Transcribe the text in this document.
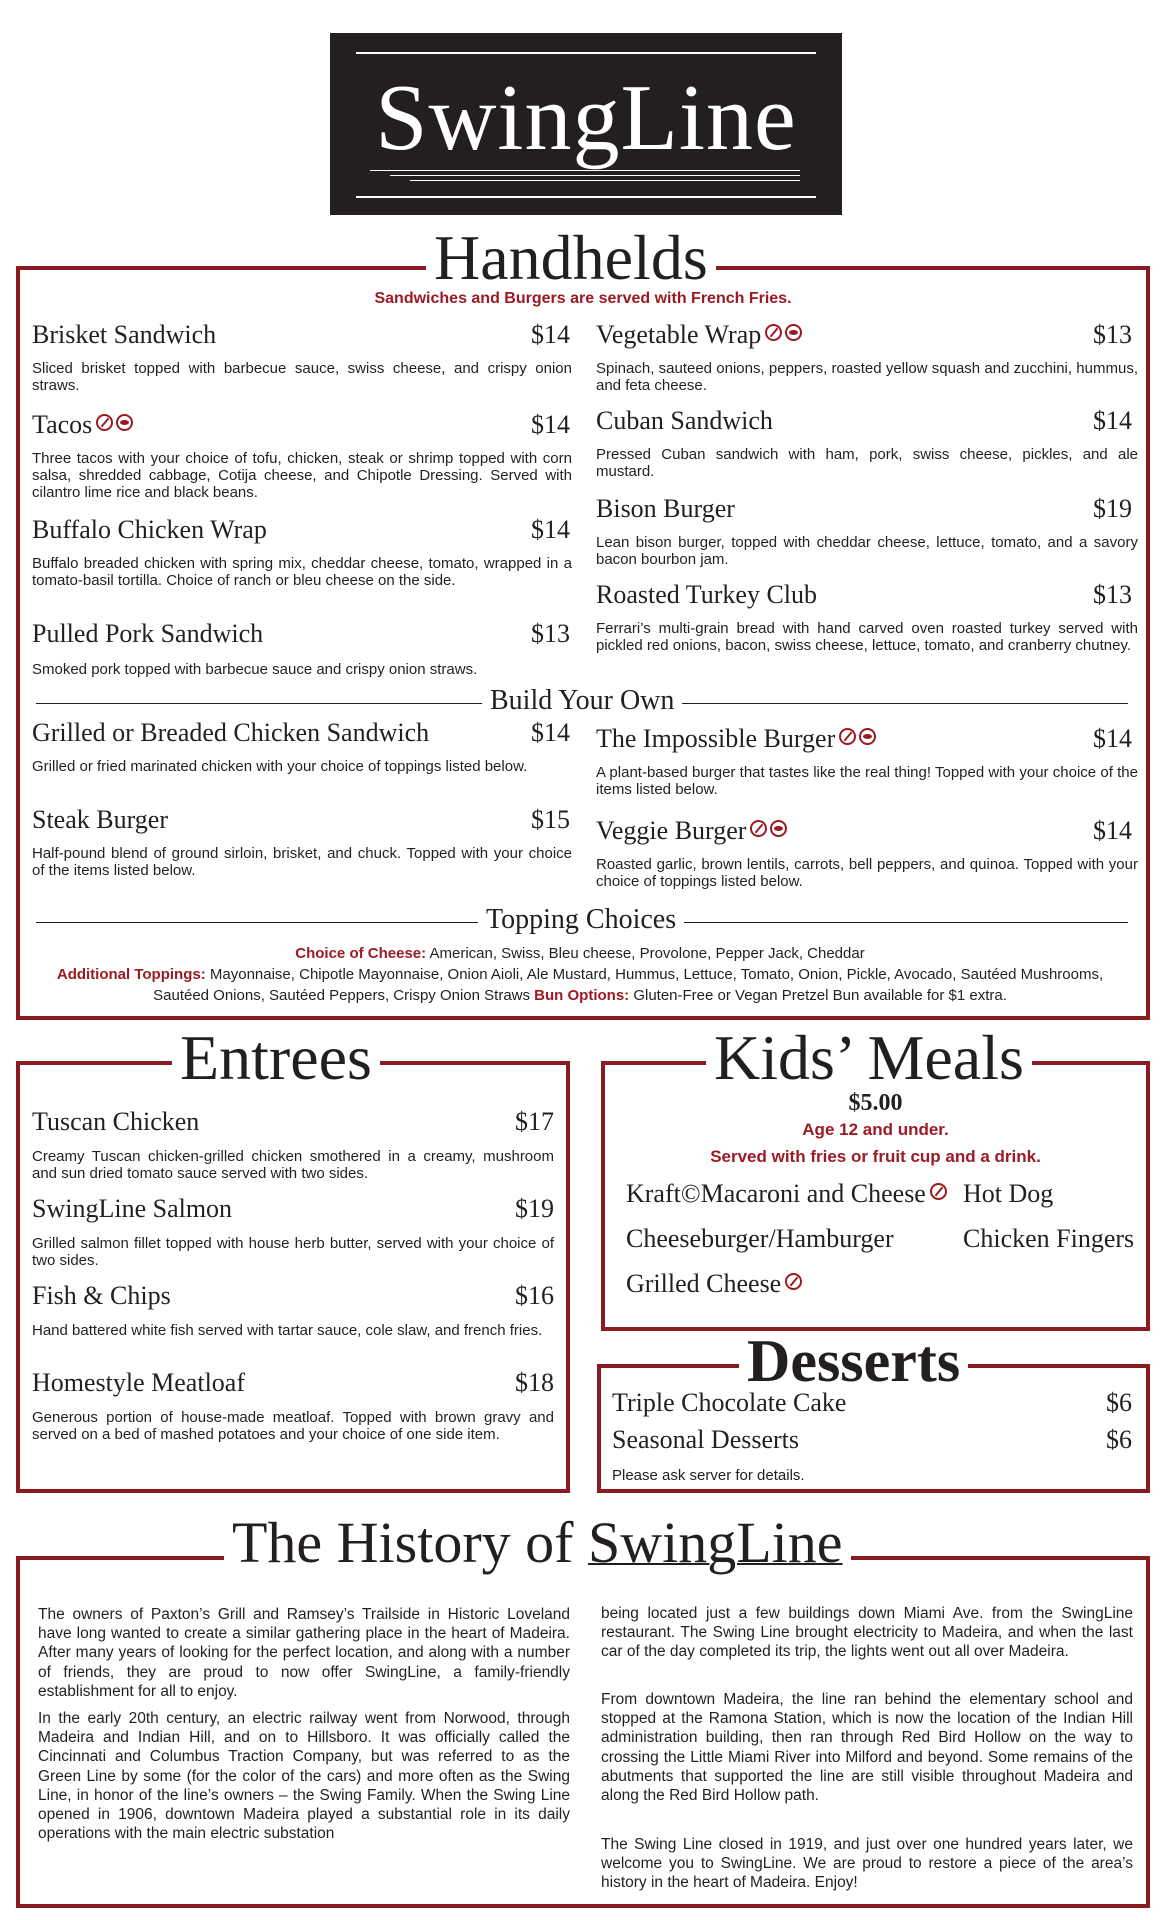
SwingLine
Handhelds
Sandwiches and Burgers are served with French Fries.
Brisket Sandwich	$14
Sliced brisket topped with barbecue sauce, swiss cheese, and crispy onion straws.
Tacos	$14
Three tacos with your choice of tofu, chicken, steak or shrimp topped with corn salsa, shredded cabbage, Cotija cheese, and Chipotle Dressing. Served with cilantro lime rice and black beans.
Buffalo Chicken Wrap	$14
Buffalo breaded chicken with spring mix, cheddar cheese, tomato, wrapped in a tomato-basil tortilla. Choice of ranch or bleu cheese on the side.
Pulled Pork Sandwich	$13
Smoked pork topped with barbecue sauce and crispy onion straws.
Vegetable Wrap	$13
Spinach, sauteed onions, peppers, roasted yellow squash and zucchini, hummus, and feta cheese.
Cuban Sandwich	$14
Pressed Cuban sandwich with ham, pork, swiss cheese, pickles, and ale mustard.
Bison Burger	$19
Lean bison burger, topped with cheddar cheese, lettuce, tomato, and a savory bacon bourbon jam.
Roasted Turkey Club	$13
Ferrari’s multi-grain bread with hand carved oven roasted turkey served with pickled red onions, bacon, swiss cheese, lettuce, tomato, and cranberry chutney.
Build Your Own
Grilled or Breaded Chicken Sandwich	$14
Grilled or fried marinated chicken with your choice of toppings listed below.
Steak Burger	$15
Half-pound blend of ground sirloin, brisket, and chuck. Topped with your choice of the items listed below.
The Impossible Burger	$14
A plant-based burger that tastes like the real thing! Topped with your choice of the items listed below.
Veggie Burger	$14
Roasted garlic, brown lentils, carrots, bell peppers, and quinoa. Topped with your choice of toppings listed below.
Topping Choices
Choice of Cheese: American, Swiss, Bleu cheese, Provolone, Pepper Jack, Cheddar
Additional Toppings: Mayonnaise, Chipotle Mayonnaise, Onion Aioli, Ale Mustard, Hummus, Lettuce, Tomato, Onion, Pickle, Avocado, Sautéed Mushrooms, Sautéed Onions, Sautéed Peppers, Crispy Onion Straws Bun Options: Gluten-Free or Vegan Pretzel Bun available for $1 extra.
Entrees
Tuscan Chicken	$17
Creamy Tuscan chicken-grilled chicken smothered in a creamy, mushroom and sun dried tomato sauce served with two sides.
SwingLine Salmon	$19
Grilled salmon fillet topped with house herb butter, served with your choice of two sides.
Fish & Chips	$16
Hand battered white fish served with tartar sauce, cole slaw, and french fries.
Homestyle Meatloaf	$18
Generous portion of house-made meatloaf. Topped with brown gravy and served on a bed of mashed potatoes and your choice of one side item.
Kids’ Meals
$5.00
Age 12 and under.
Served with fries or fruit cup and a drink.
Kraft©Macaroni and Cheese	Hot Dog
Cheeseburger/Hamburger	Chicken Fingers
Grilled Cheese
Desserts
Triple Chocolate Cake	$6
Seasonal Desserts	$6
Please ask server for details.
The History of SwingLine
The owners of Paxton’s Grill and Ramsey’s Trailside in Historic Loveland have long wanted to create a similar gathering place in the heart of Madeira. After many years of looking for the perfect location, and along with a number of friends, they are proud to now offer SwingLine, a family-friendly establishment for all to enjoy.
In the early 20th century, an electric railway went from Norwood, through Madeira and Indian Hill, and on to Hillsboro. It was officially called the Cincinnati and Columbus Traction Company, but was referred to as the Green Line by some (for the color of the cars) and more often as the Swing Line, in honor of the line’s owners – the Swing Family. When the Swing Line opened in 1906, downtown Madeira played a substantial role in its daily operations with the main electric substation
being located just a few buildings down Miami Ave. from the SwingLine restaurant. The Swing Line brought electricity to Madeira, and when the last car of the day completed its trip, the lights went out all over Madeira.
From downtown Madeira, the line ran behind the elementary school and stopped at the Ramona Station, which is now the location of the Indian Hill administration building, then ran through Red Bird Hollow on the way to crossing the Little Miami River into Milford and beyond. Some remains of the abutments that supported the line are still visible throughout Madeira and along the Red Bird Hollow path.
The Swing Line closed in 1919, and just over one hundred years later, we welcome you to SwingLine. We are proud to restore a piece of the area’s history in the heart of Madeira. Enjoy!
